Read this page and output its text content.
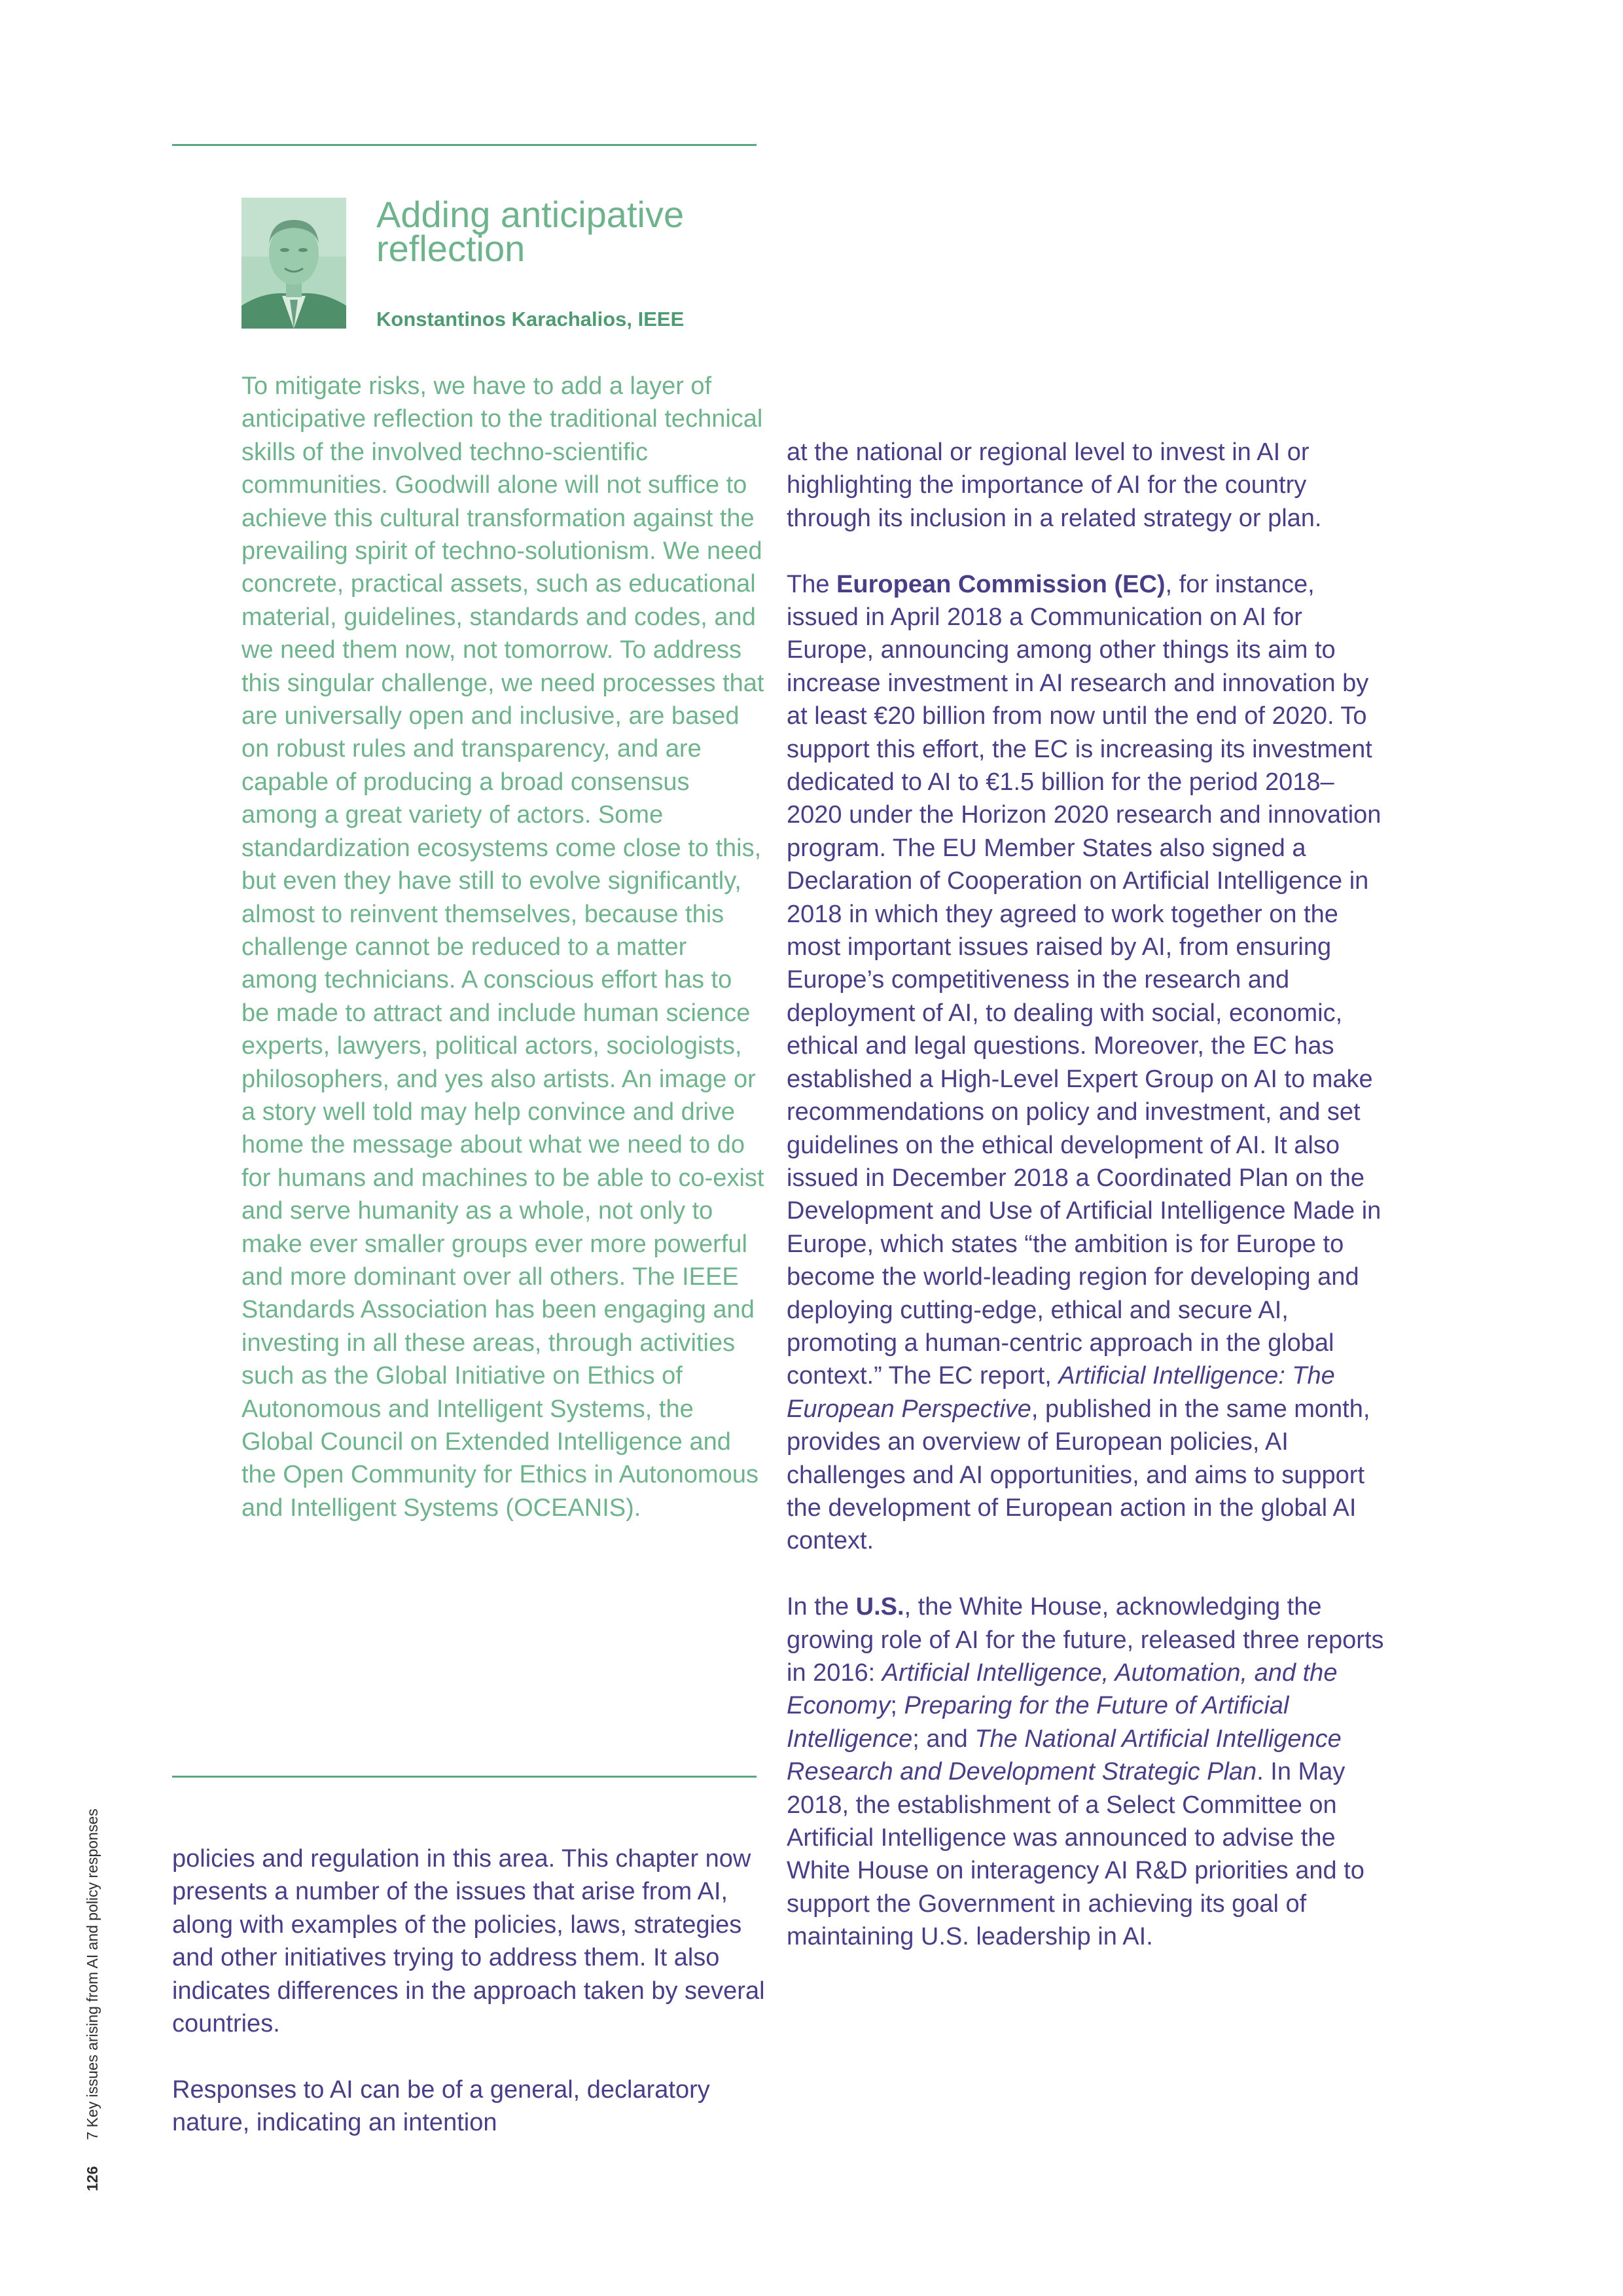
Adding anticipative reflection
Konstantinos Karachalios, IEEE

To mitigate risks, we have to add a layer of anticipative reflection to the traditional technical skills of the involved techno-scientific communities. Goodwill alone will not suffice to achieve this cultural transformation against the prevailing spirit of techno-solutionism. We need concrete, practical assets, such as educational material, guidelines, standards and codes, and we need them now, not tomorrow. To address this singular challenge, we need processes that are universally open and inclusive, are based on robust rules and transparency, and are capable of producing a broad consensus among a great variety of actors. Some standardization ecosystems come close to this, but even they have still to evolve significantly, almost to reinvent themselves, because this challenge cannot be reduced to a matter among technicians. A conscious effort has to be made to attract and include human science experts, lawyers, political actors, sociologists, philosophers, and yes also artists. An image or a story well told may help convince and drive home the message about what we need to do for humans and machines to be able to co-exist and serve humanity as a whole, not only to make ever smaller groups ever more powerful and more dominant over all others. The IEEE Standards Association has been engaging and investing in all these areas, through activities such as the Global Initiative on Ethics of Autonomous and Intelligent Systems, the Global Council on Extended Intelligence and the Open Community for Ethics in Autonomous and Intelligent Systems (OCEANIS).

policies and regulation in this area. This chapter now presents a number of the issues that arise from AI, along with examples of the policies, laws, strategies and other initiatives trying to address them. It also indicates differences in the approach taken by several countries.

Responses to AI can be of a general, declaratory nature, indicating an intention

at the national or regional level to invest in AI or highlighting the importance of AI for the country through its inclusion in a related strategy or plan.

The European Commission (EC), for instance, issued in April 2018 a Communication on AI for Europe, announcing among other things its aim to increase investment in AI research and innovation by at least €20 billion from now until the end of 2020. To support this effort, the EC is increasing its investment dedicated to AI to €1.5 billion for the period 2018–2020 under the Horizon 2020 research and innovation program. The EU Member States also signed a Declaration of Cooperation on Artificial Intelligence in 2018 in which they agreed to work together on the most important issues raised by AI, from ensuring Europe’s competitiveness in the research and deployment of AI, to dealing with social, economic, ethical and legal questions. Moreover, the EC has established a High-Level Expert Group on AI to make recommendations on policy and investment, and set guidelines on the ethical development of AI. It also issued in December 2018 a Coordinated Plan on the Development and Use of Artificial Intelligence Made in Europe, which states “the ambition is for Europe to become the world-leading region for developing and deploying cutting-edge, ethical and secure AI, promoting a human-centric approach in the global context.” The EC report, Artificial Intelligence: The European Perspective, published in the same month, provides an overview of European policies, AI challenges and AI opportunities, and aims to support the development of European action in the global AI context.

In the U.S., the White House, acknowledging the growing role of AI for the future, released three reports in 2016: Artificial Intelligence, Automation, and the Economy; Preparing for the Future of Artificial Intelligence; and The National Artificial Intelligence Research and Development Strategic Plan. In May 2018, the establishment of a Select Committee on Artificial Intelligence was announced to advise the White House on interagency AI R&D priorities and to support the Government in achieving its goal of maintaining U.S. leadership in AI.

1267 Key issues arising from AI and policy responses
